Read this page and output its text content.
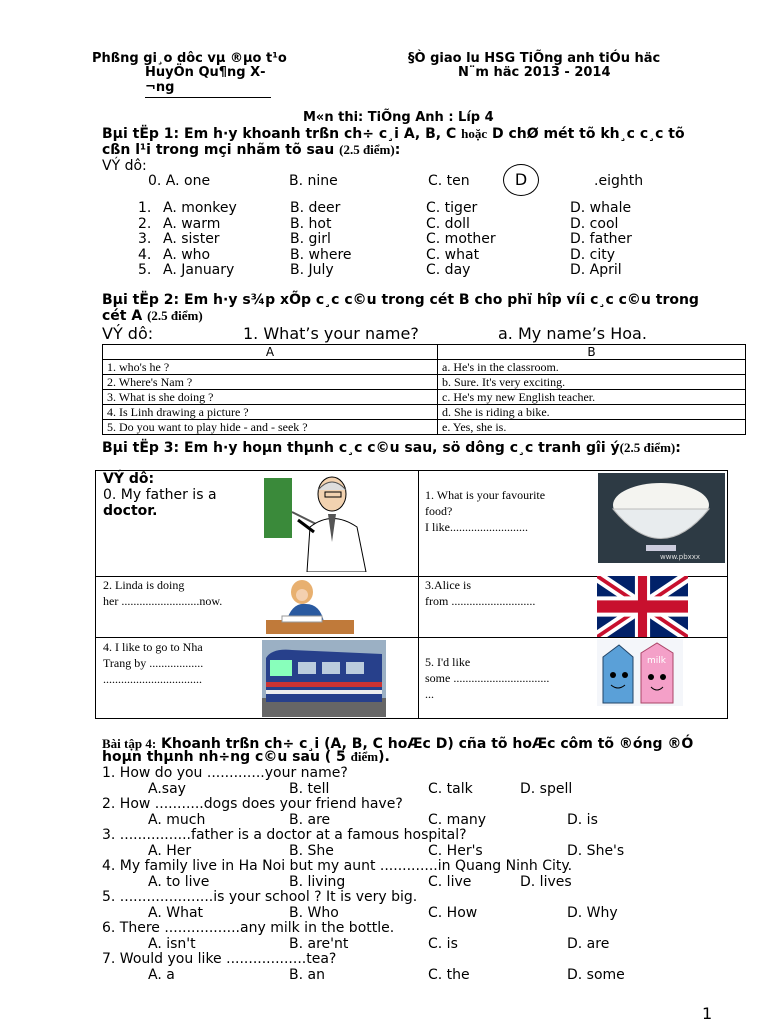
Phßng gi¸o dôc vµ ®µo t¹o
HuyÖn Qu¶ng X¬ng
§Ò giao lu HSG TiÕng anh tiÓu häc
N¨m häc 2013 - 2014
M«n thi: TiÕng Anh : Líp 4
Bµi tËp 1: Em h·y khoanh trßn ch÷ c¸i A, B, C hoặc D chØ mét tõ kh¸c c¸c tõ
cßn l¹i trong mçi nhãm tõ sau (2.5 điểm):
VÝ dô:
0. A. one	B. nine	C. ten	.eighth
D
1. A. monkey	B. deer	C. tiger	D. whale
2. A. warm	B. hot	C. doll	D. cool
3. A. sister	B. girl	C. mother	D. father
4. A. who	B. where	C. what	D. city
5. A. January	B. July	C. day	D. April
Bµi tËp 2: Em h·y s¾p xÕp c¸c c©u trong cét B cho phï hîp víi c¸c c©u trong
cét A (2.5 điểm)
VÝ dô:	1. What’s your name?	a. My name’s Hoa.
A	B
1. who's he ?	a. He's in the classroom.
2. Where's Nam ?	b. Sure. It's very exciting.
3. What is she doing ?	c. He's my new English teacher.
4. Is Linh drawing a picture ?	d. She is riding a bike.
5. Do you want to play hide - and - seek ?	e. Yes, she is.
Bµi tËp 3: Em h·y hoµn thµnh c¸c c©u sau, sö dông c¸c tranh gîi ý(2.5 điểm):
VÝ dô:
0. My father is a
doctor.
1. What is your favourite
food?
I like..........................
www.pbxxx
2. Linda is doing
her ..........................now.
3.Alice is
from ............................
4. I like to go to Nha
Trang by ..................
.................................
5. I'd like
some ................................
...
milk
Bài tập 4: Khoanh trßn ch÷ c¸i (A, B, C hoÆc D) cña tõ hoÆc côm tõ ®óng ®Ó
hoµn thµnh nh÷ng c©u sau ( 5 điểm).
1. How do you .............your name?
A.say	B. tell	C. talk	D. spell
2. How ...........dogs does your friend have?
A. much	B. are	C. many	D. is
3. ................father is a doctor at a famous hospital?
A. Her	B. She	C. Her's	D. She's
4. My family live in Ha Noi but my aunt .............in Quang Ninh City.
A. to live	B. living	C. live	D. lives
5. .....................is your school ? It is very big.
A. What	B. Who	C. How	D. Why
6. There .................any milk in the bottle.
A. isn't	B. are'nt	C. is	D. are
7. Would you like ..................tea?
A. a	B. an	C. the	D. some
1
